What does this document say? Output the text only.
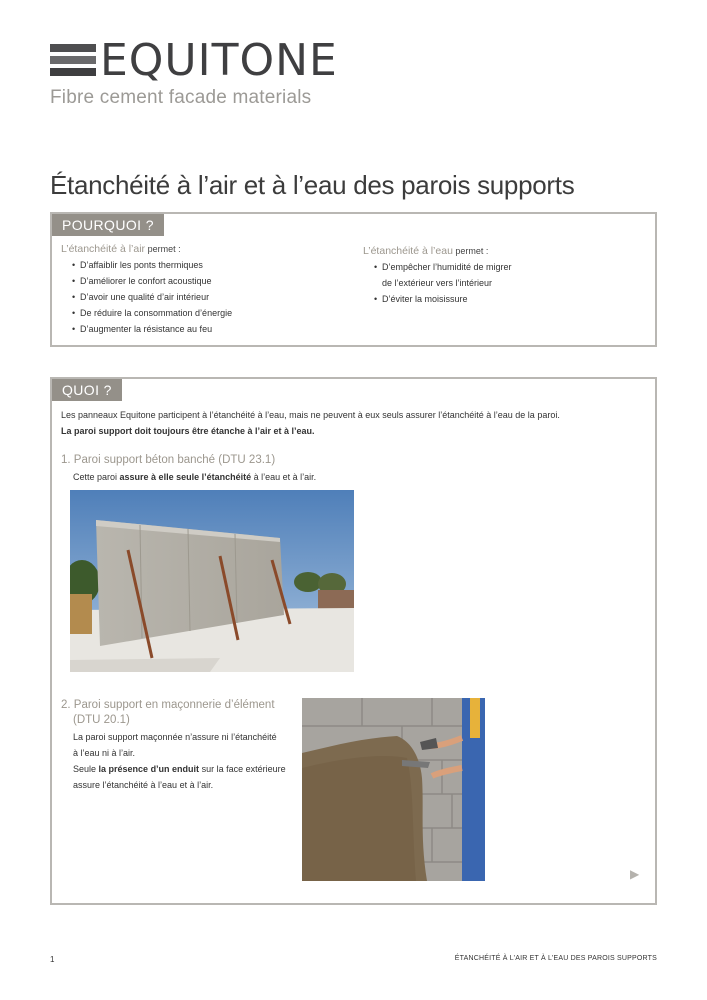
EQUITONE
Fibre cement facade materials
Étanchéité à l’air et à l’eau des parois supports
POURQUOI ?
L’étanchéité à l’air permet :
• D’affaiblir les ponts thermiques
• D’améliorer le confort acoustique
• D’avoir une qualité d’air intérieur
• De réduire la consommation d’énergie
• D’augmenter la résistance au feu
L’étanchéité à l’eau permet :
• D’empêcher l’humidité de migrer
de l’extérieur vers l’intérieur
• D’éviter la moisissure
QUOI ?
Les panneaux Equitone participent à l’étanchéité à l’eau, mais ne peuvent à eux seuls assurer l’étanchéité à l’eau de la paroi.
La paroi support doit toujours être étanche à l’air et à l’eau.
1. Paroi support béton banché (DTU 23.1)
Cette paroi assure à elle seule l’étanchéité à l’eau et à l’air.
2. Paroi support en maçonnerie d’élément
(DTU 20.1)
La paroi support maçonnée n’assure ni l’étanchéité
à l’eau ni à l’air.
Seule la présence d’un enduit sur la face extérieure
assure l’étanchéité à l’eau et à l’air.
▶
1	ÉTANCHÉITÉ À L’AIR ET À L’EAU DES PAROIS SUPPORTS
